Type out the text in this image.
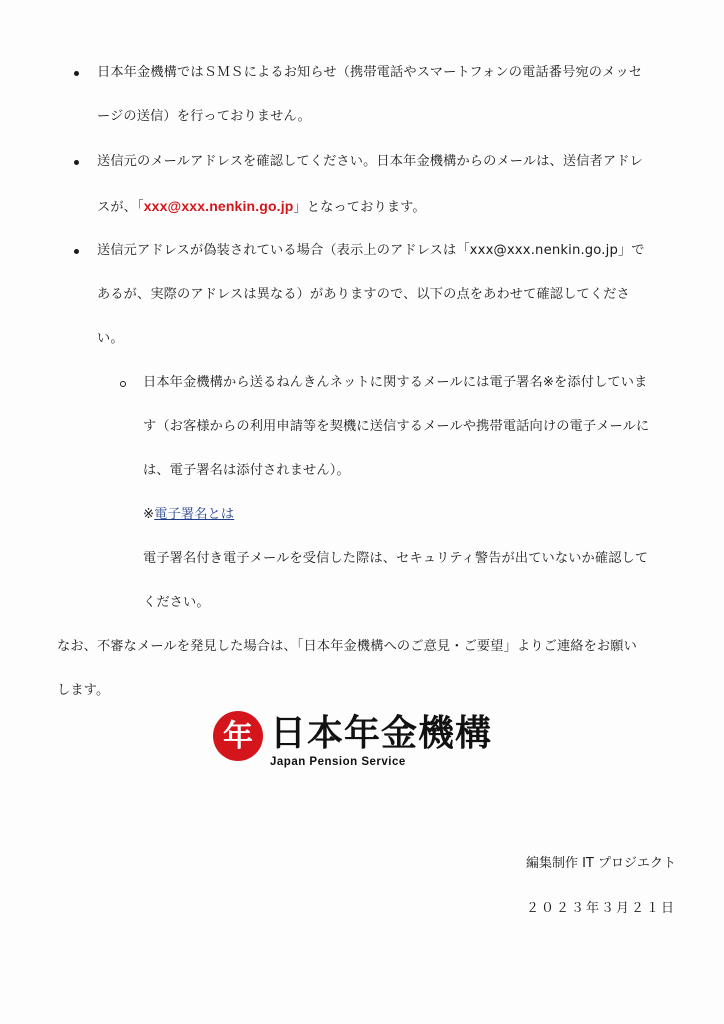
日本年金機構ではＳＭＳによるお知らせ（携帯電話やスマートフォンの電話番号宛のメッセ
ージの送信）を行っておりません。
送信元のメールアドレスを確認してください。日本年金機構からのメールは、送信者アドレ
スが、「xxx@xxx.nenkin.go.jp」となっております。
送信元アドレスが偽装されている場合（表示上のアドレスは「xxx@xxx.nenkin.go.jp」で
あるが、実際のアドレスは異なる）がありますので、以下の点をあわせて確認してくださ
い。
日本年金機構から送るねんきんネットに関するメールには電子署名※を添付していま
す（お客様からの利用申請等を契機に送信するメールや携帯電話向けの電子メールに
は、電子署名は添付されません）。
※電子署名とは
電子署名付き電子メールを受信した際は、セキュリティ警告が出ていないか確認して
ください。
なお、不審なメールを発見した場合は、「日本年金機構へのご意見・ご要望」よりご連絡をお願い
します。
年 日本年金機構
Japan Pension Service
編集制作 IT プロジエクト
２０２３年３月２１日
